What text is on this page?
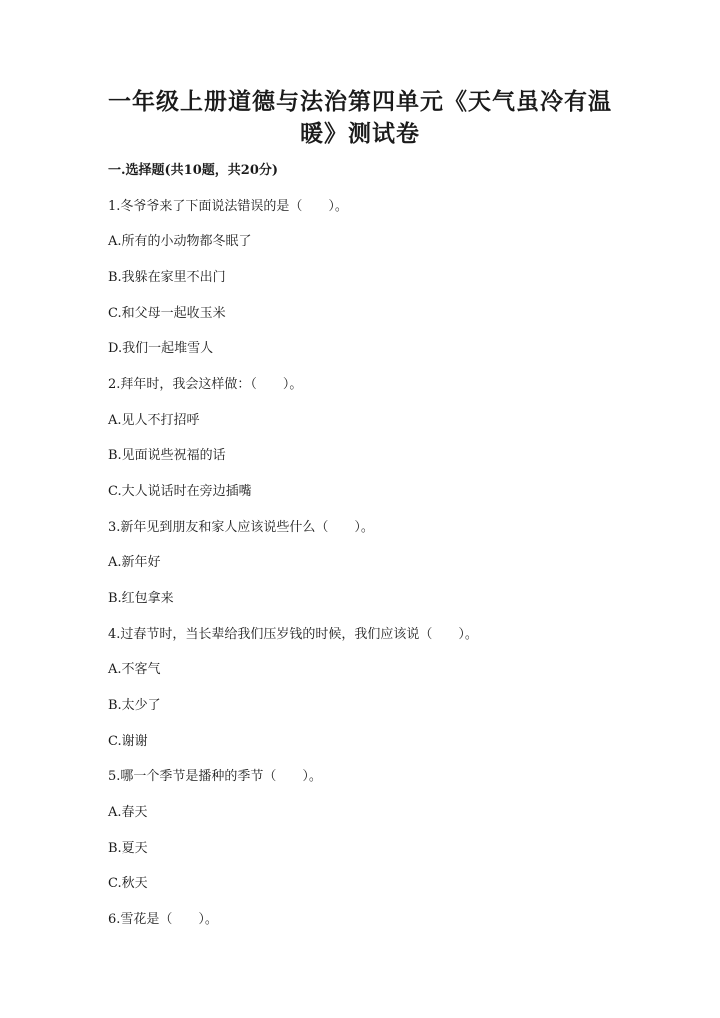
一年级上册道德与法治第四单元《天气虽冷有温
暖》测试卷
一.选择题(共10题，共20分)
1.冬爷爷来了下面说法错误的是（　　）。
A.所有的小动物都冬眠了
B.我躲在家里不出门
C.和父母一起收玉米
D.我们一起堆雪人
2.拜年时，我会这样做：（　　）。
A.见人不打招呼
B.见面说些祝福的话
C.大人说话时在旁边插嘴
3.新年见到朋友和家人应该说些什么（　　）。
A.新年好
B.红包拿来
4.过春节时，当长辈给我们压岁钱的时候，我们应该说（　　）。
A.不客气
B.太少了
C.谢谢
5.哪一个季节是播种的季节（　　）。
A.春天
B.夏天
C.秋天
6.雪花是（　　）。
